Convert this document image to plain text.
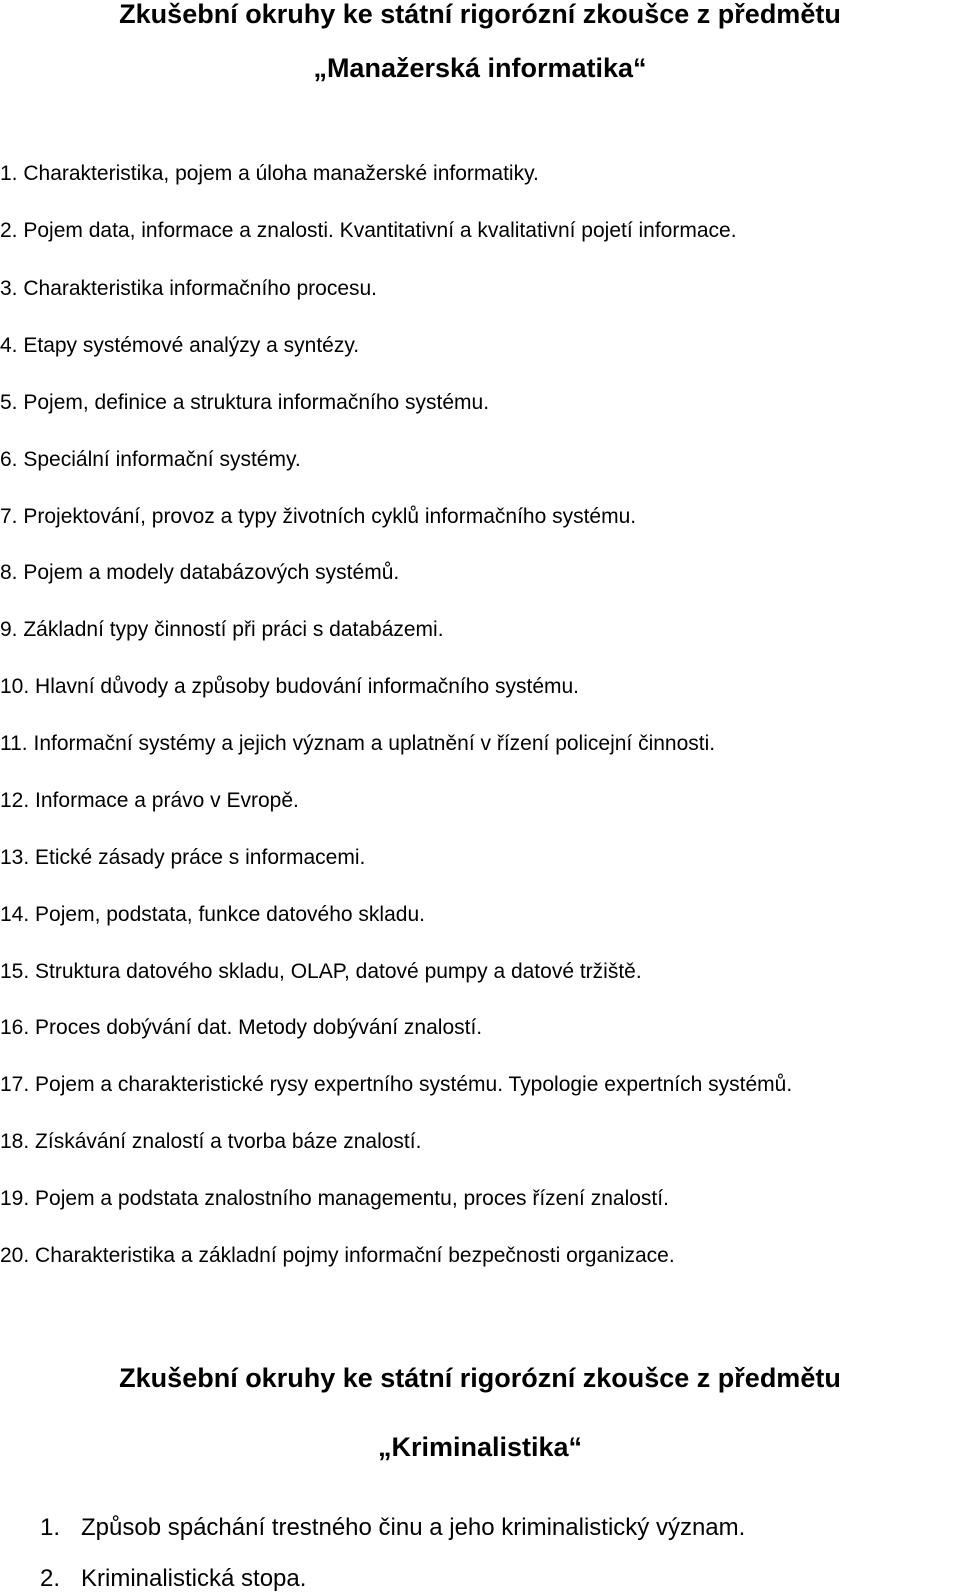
Zkušební okruhy ke státní rigorózní zkoušce z předmětu
„Manažerská informatika“

1. Charakteristika, pojem a úloha manažerské informatiky.

2. Pojem data, informace a znalosti. Kvantitativní a kvalitativní pojetí informace.

3. Charakteristika informačního procesu.

4. Etapy systémové analýzy a syntézy.

5. Pojem, definice a struktura informačního systému.

6. Speciální informační systémy.

7. Projektování, provoz a typy životních cyklů informačního systému.

8. Pojem a modely databázových systémů.

9. Základní typy činností při práci s databázemi.

10. Hlavní důvody a způsoby budování informačního systému.

11. Informační systémy a jejich význam a uplatnění v řízení policejní činnosti.

12. Informace a právo v Evropě.

13. Etické zásady práce s informacemi.

14. Pojem, podstata, funkce datového skladu.

15. Struktura datového skladu, OLAP, datové pumpy a datové tržiště.

16. Proces dobývání dat. Metody dobývání znalostí.

17. Pojem a charakteristické rysy expertního systému. Typologie expertních systémů.

18. Získávání znalostí a tvorba báze znalostí.

19. Pojem a podstata znalostního managementu, proces řízení znalostí.

20. Charakteristika a základní pojmy informační bezpečnosti organizace.

Zkušební okruhy ke státní rigorózní zkoušce z předmětu
„Kriminalistika“

1. Způsob spáchání trestného činu a jeho kriminalistický význam.

2. Kriminalistická stopa.
